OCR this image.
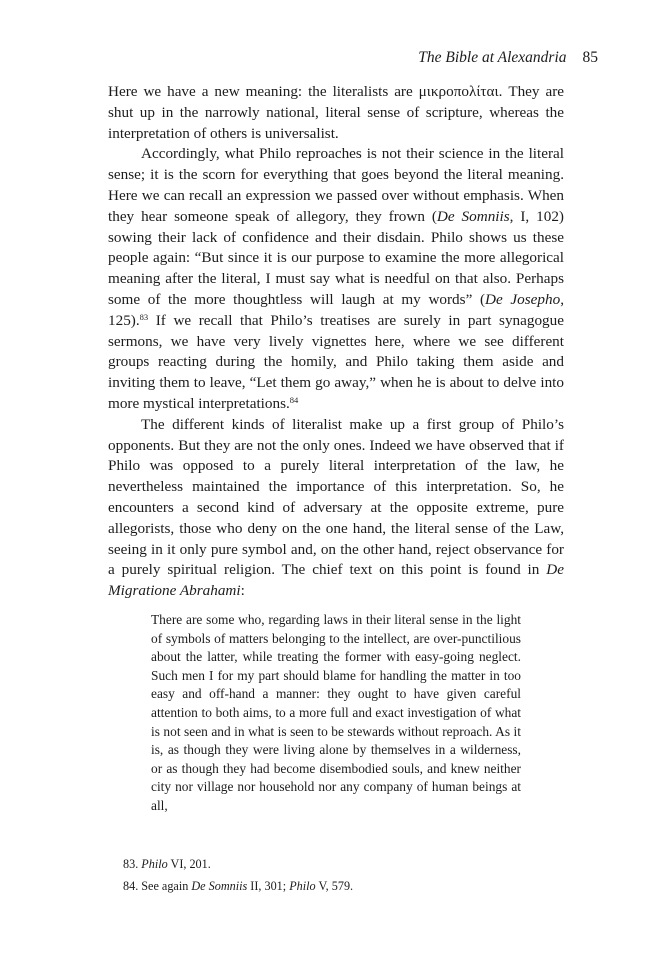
The Bible at Alexandria 85

Here we have a new meaning: the literalists are μικροπολίται. They are shut up in the narrowly national, literal sense of scripture, whereas the interpretation of others is universalist.

Accordingly, what Philo reproaches is not their science in the literal sense; it is the scorn for everything that goes beyond the literal meaning. Here we can recall an expression we passed over without emphasis. When they hear someone speak of allegory, they frown (De Somniis, I, 102) sowing their lack of confidence and their disdain. Philo shows us these people again: “But since it is our purpose to examine the more allegorical meaning after the literal, I must say what is needful on that also. Perhaps some of the more thoughtless will laugh at my words” (De Josepho, 125).$^{83}$ If we recall that Philo’s treatises are surely in part synagogue sermons, we have very lively vignettes here, where we see different groups reacting during the homily, and Philo taking them aside and inviting them to leave, “Let them go away,” when he is about to delve into more mystical interpretations.$^{84}$

The different kinds of literalist make up a first group of Philo’s opponents. But they are not the only ones. Indeed we have observed that if Philo was opposed to a purely literal interpretation of the law, he nevertheless maintained the importance of this interpretation. So, he encounters a second kind of adversary at the opposite extreme, pure allegorists, those who deny on the one hand, the literal sense of the Law, seeing in it only pure symbol and, on the other hand, reject observance for a purely spiritual religion. The chief text on this point is found in De Migratione Abrahami:

There are some who, regarding laws in their literal sense in the light of symbols of matters belonging to the intellect, are over-punctilious about the latter, while treating the former with easy-going neglect. Such men I for my part should blame for handling the matter in too easy and off-hand a manner: they ought to have given careful attention to both aims, to a more full and exact investigation of what is not seen and in what is seen to be stewards without reproach. As it is, as though they were living alone by themselves in a wilderness, or as though they had become disembodied souls, and knew neither city nor village nor household nor any company of human beings at all,

83. Philo VI, 201.
84. See again De Somniis II, 301; Philo V, 579.
